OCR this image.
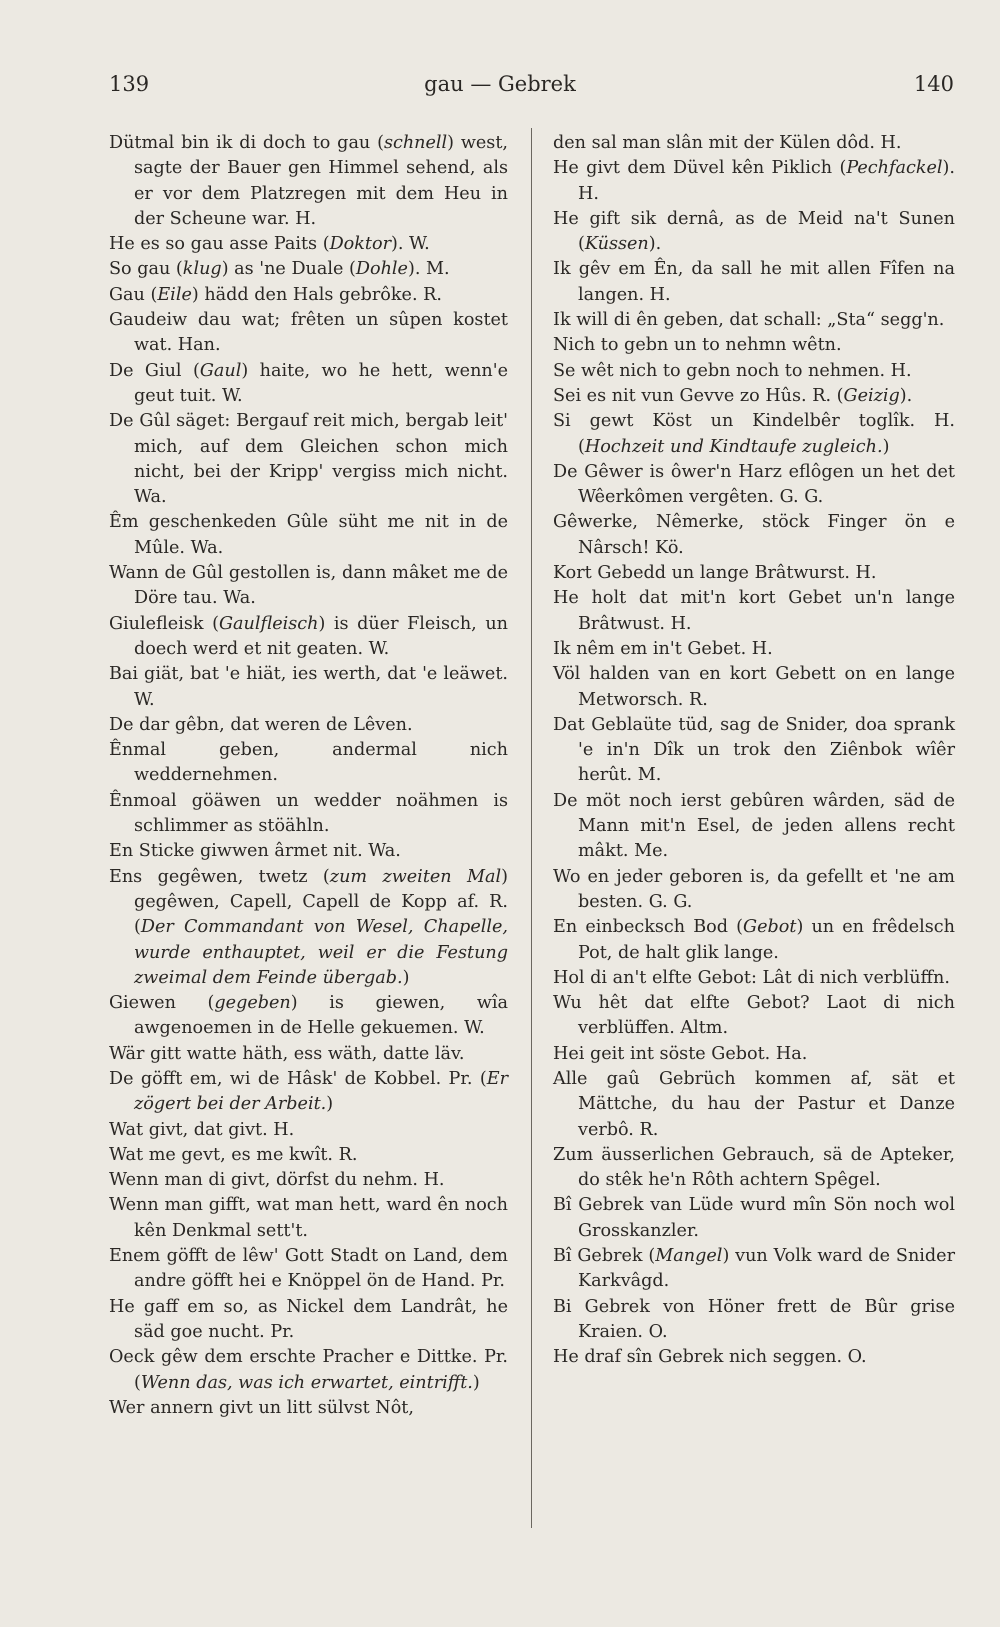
139	gau — Gebrek	140

Dütmal bin ik di doch to gau (schnell) west, sagte der Bauer gen Himmel sehend, als er vor dem Platzregen mit dem Heu in der Scheune war. H.

He es so gau asse Paits (Doktor). W.

So gau (klug) as 'ne Duale (Dohle). M.

Gau (Eile) hädd den Hals gebrôke. R.

Gaudeiw dau wat; frêten un sûpen kostet wat. Han.

De Giul (Gaul) haite, wo he hett, wenn'e geut tuit. W.

De Gûl säget: Bergauf reit mich, bergab leit' mich, auf dem Gleichen schon mich nicht, bei der Kripp' vergiss mich nicht. Wa.

Êm geschenkeden Gûle süht me nit in de Mûle. Wa.

Wann de Gûl gestollen is, dann mâket me de Döre tau. Wa.

Giulefleisk (Gaulfleisch) is düer Fleisch, un doech werd et nit geaten. W.

Bai giät, bat 'e hiät, ies werth, dat 'e leäwet. W.

De dar gêbn, dat weren de Lêven.

Ênmal geben, andermal nich weddernehmen.

Ênmoal göäwen un wedder noähmen is schlimmer as stöähln.

En Sticke giwwen ârmet nit. Wa.

Ens gegêwen, twetz (zum zweiten Mal) gegêwen, Capell, Capell de Kopp af. R. (Der Commandant von Wesel, Chapelle, wurde enthauptet, weil er die Festung zweimal dem Feinde übergab.)

Giewen (gegeben) is giewen, wîa awgenoemen in de Helle gekuemen. W.

Wär gitt watte häth, ess wäth, datte läv.

De göfft em, wi de Hâsk' de Kobbel. Pr. (Er zögert bei der Arbeit.)

Wat givt, dat givt. H.

Wat me gevt, es me kwît. R.

Wenn man di givt, dörfst du nehm. H.

Wenn man gifft, wat man hett, ward ên noch kên Denkmal sett't.

Enem göfft de lêw' Gott Stadt on Land, dem andre göfft hei e Knöppel ön de Hand. Pr.

He gaff em so, as Nickel dem Landrât, he säd goe nucht. Pr.

Oeck gêw dem erschte Pracher e Dittke. Pr. (Wenn das, was ich erwartet, eintrifft.)

Wer annern givt un litt sülvst Nôt,

den sal man slân mit der Külen dôd. H.

He givt dem Düvel kên Piklich (Pechfackel). H.

He gift sik dernâ, as de Meid na't Sunen (Küssen).

Ik gêv em Ên, da sall he mit allen Fîfen na langen. H.

Ik will di ên geben, dat schall: „Sta“ segg'n.

Nich to gebn un to nehmn wêtn.

Se wêt nich to gebn noch to nehmen. H.

Sei es nit vun Gevve zo Hûs. R. (Geizig).

Si gewt Köst un Kindelbêr toglîk. H. (Hochzeit und Kindtaufe zugleich.)

De Gêwer is ôwer'n Harz eflôgen un het det Wêerkômen vergêten. G. G.

Gêwerke, Nêmerke, stöck Finger ön e Nârsch! Kö.

Kort Gebedd un lange Brâtwurst. H.

He holt dat mit'n kort Gebet un'n lange Brâtwust. H.

Ik nêm em in't Gebet. H.

Völ halden van en kort Gebett on en lange Metworsch. R.

Dat Geblaüte tüd, sag de Snider, doa sprank 'e in'n Dîk un trok den Ziênbok wîêr herût. M.

De möt noch ierst gebûren wârden, säd de Mann mit'n Esel, de jeden allens recht mâkt. Me.

Wo en jeder geboren is, da gefellt et 'ne am besten. G. G.

En einbecksch Bod (Gebot) un en frêdelsch Pot, de halt glik lange.

Hol di an't elfte Gebot: Lât di nich verblüffn.

Wu hêt dat elfte Gebot? Laot di nich verblüffen. Altm.

Hei geit int söste Gebot. Ha.

Alle gaû Gebrüch kommen af, sät et Mättche, du hau der Pastur et Danze verbô. R.

Zum äusserlichen Gebrauch, sä de Apteker, do stêk he'n Rôth achtern Spêgel.

Bî Gebrek van Lüde wurd mîn Sön noch wol Grosskanzler.

Bî Gebrek (Mangel) vun Volk ward de Snider Karkvâgd.

Bi Gebrek von Höner frett de Bûr grise Kraien. O.

He draf sîn Gebrek nich seggen. O.
